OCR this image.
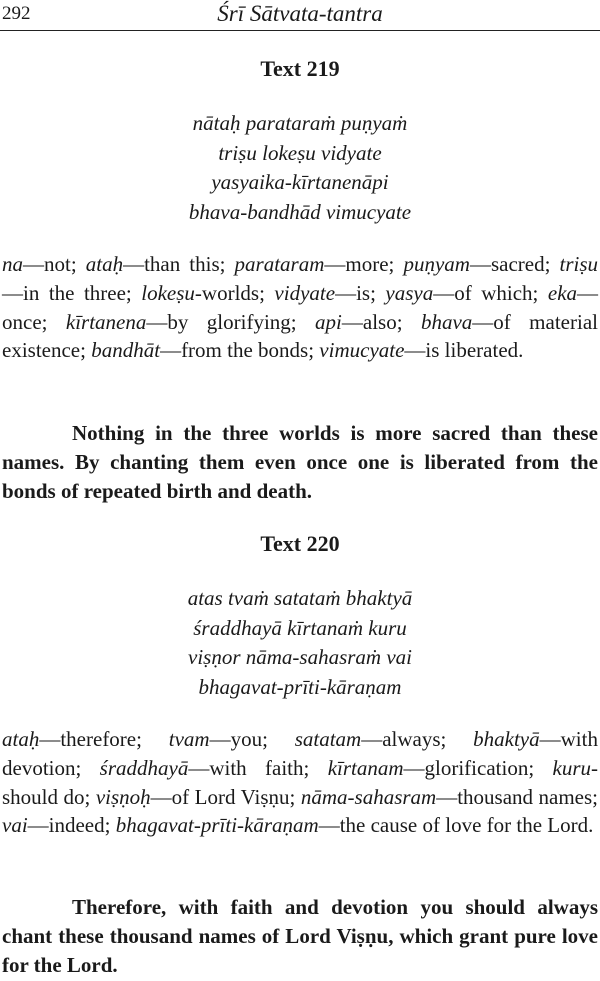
292	Śrī Sātvata-tantra
Text 219
nātaḥ parataraṁ puṇyaṁ
triṣu lokeṣu vidyate
yasyaika-kīrtanenāpi
bhava-bandhād vimucyate
na—not; ataḥ—than this; parataram—more; puṇyam—sacred; triṣu—in the three; lokeṣu-worlds; vidyate—is; yasya—of which; eka—once; kīrtanena—by glorifying; api—also; bhava—of material existence; bandhāt—from the bonds; vimucyate—is liberated.
Nothing in the three worlds is more sacred than these names. By chanting them even once one is liberated from the bonds of repeated birth and death.
Text 220
atas tvaṁ satataṁ bhaktyā
śraddhayā kīrtanaṁ kuru
viṣṇor nāma-sahasraṁ vai
bhagavat-prīti-kāraṇam
ataḥ—therefore; tvam—you; satatam—always; bhaktyā—with devotion; śraddhayā—with faith; kīrtanam—glorification; kuru-should do; viṣṇoḥ—of Lord Viṣṇu; nāma-sahasram—thousand names; vai—indeed; bhagavat-prīti-kāraṇam—the cause of love for the Lord.
Therefore, with faith and devotion you should always chant these thousand names of Lord Viṣṇu, which grant pure love for the Lord.
